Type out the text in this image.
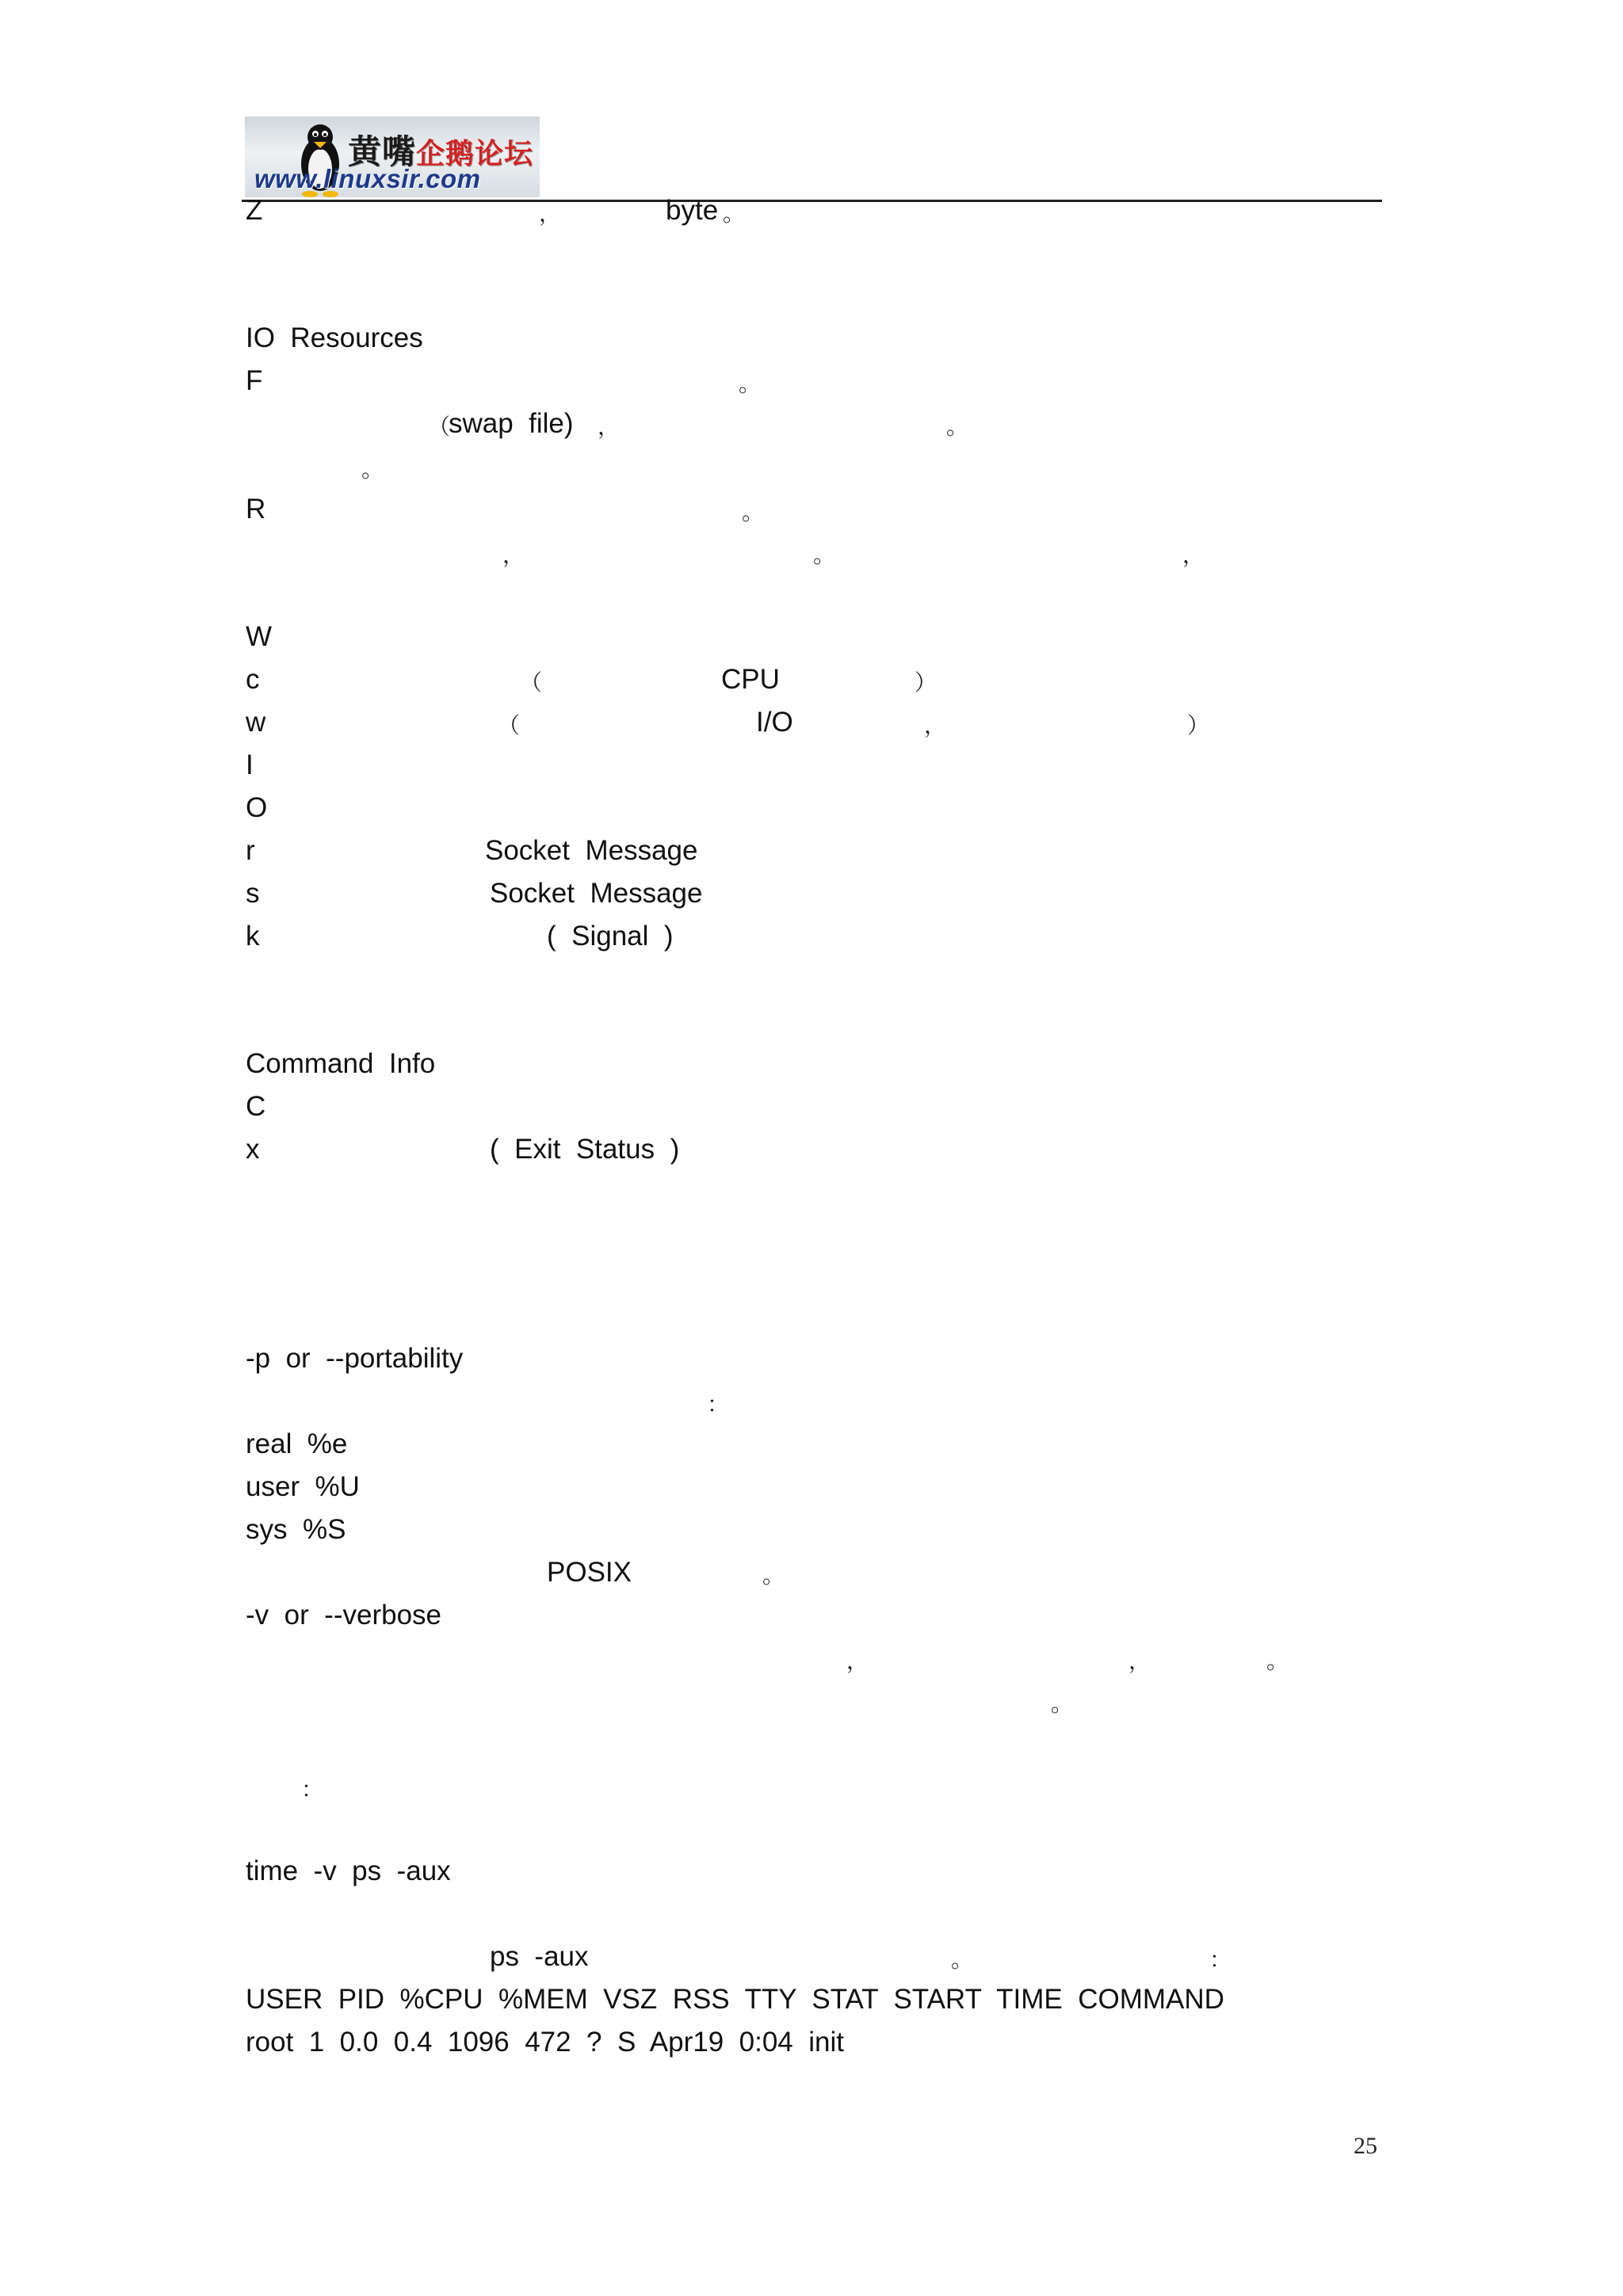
黄嘴企鹅论坛
www.linuxsir.com
Z	，	byte 。
IO  Resources
F	。
（
swap  file) ，	。
。
R	。
，	。	，
W
c	（	CPU	）
w	（	I/O	，	）
I
O
r	Socket  Message
s	Socket  Message
k	(  Signal  )
Command  Info
C
x	(  Exit  Status  )
-p  or  --portability
：
real  %e
user  %U
sys  %S
POSIX	。
-v  or  --verbose
，	，	。
。
：
time  -v  ps  -aux
ps  -aux	。	：
USER  PID  %CPU  %MEM  VSZ  RSS  TTY  STAT  START  TIME  COMMAND
root  1  0.0  0.4  1096  472  ?  S  Apr19  0:04  init
25
